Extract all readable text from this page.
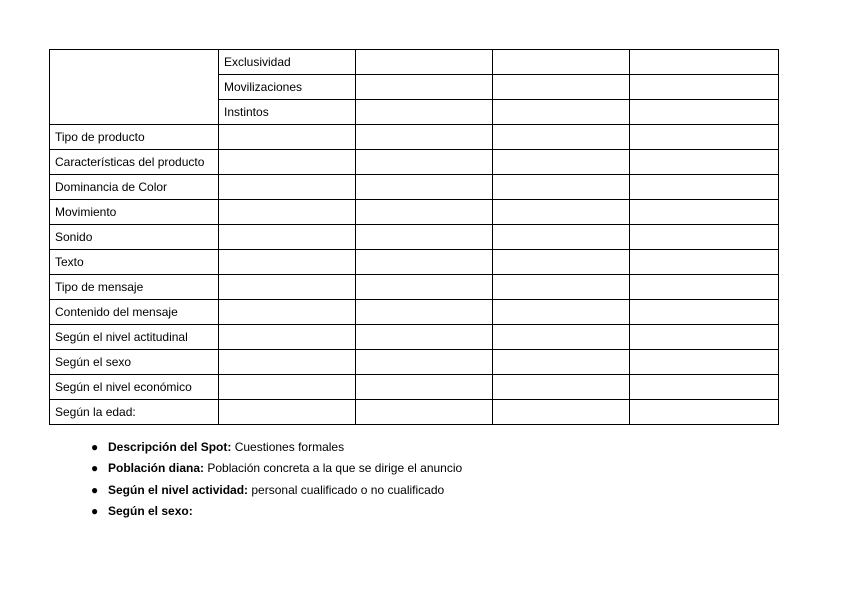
	Exclusividad			
	Movilizaciones			
	Instintos			
Tipo de producto				
Características del producto				
Dominancia de Color				
Movimiento				
Sonido				
Texto				
Tipo de mensaje				
Contenido del mensaje				
Según el nivel actitudinal				
Según el sexo				
Según el nivel económico				
Según la edad:				
● Descripción del Spot: Cuestiones formales
● Población diana: Población concreta a la que se dirige el anuncio
● Según el nivel actividad: personal cualificado o no cualificado
● Según el sexo:
